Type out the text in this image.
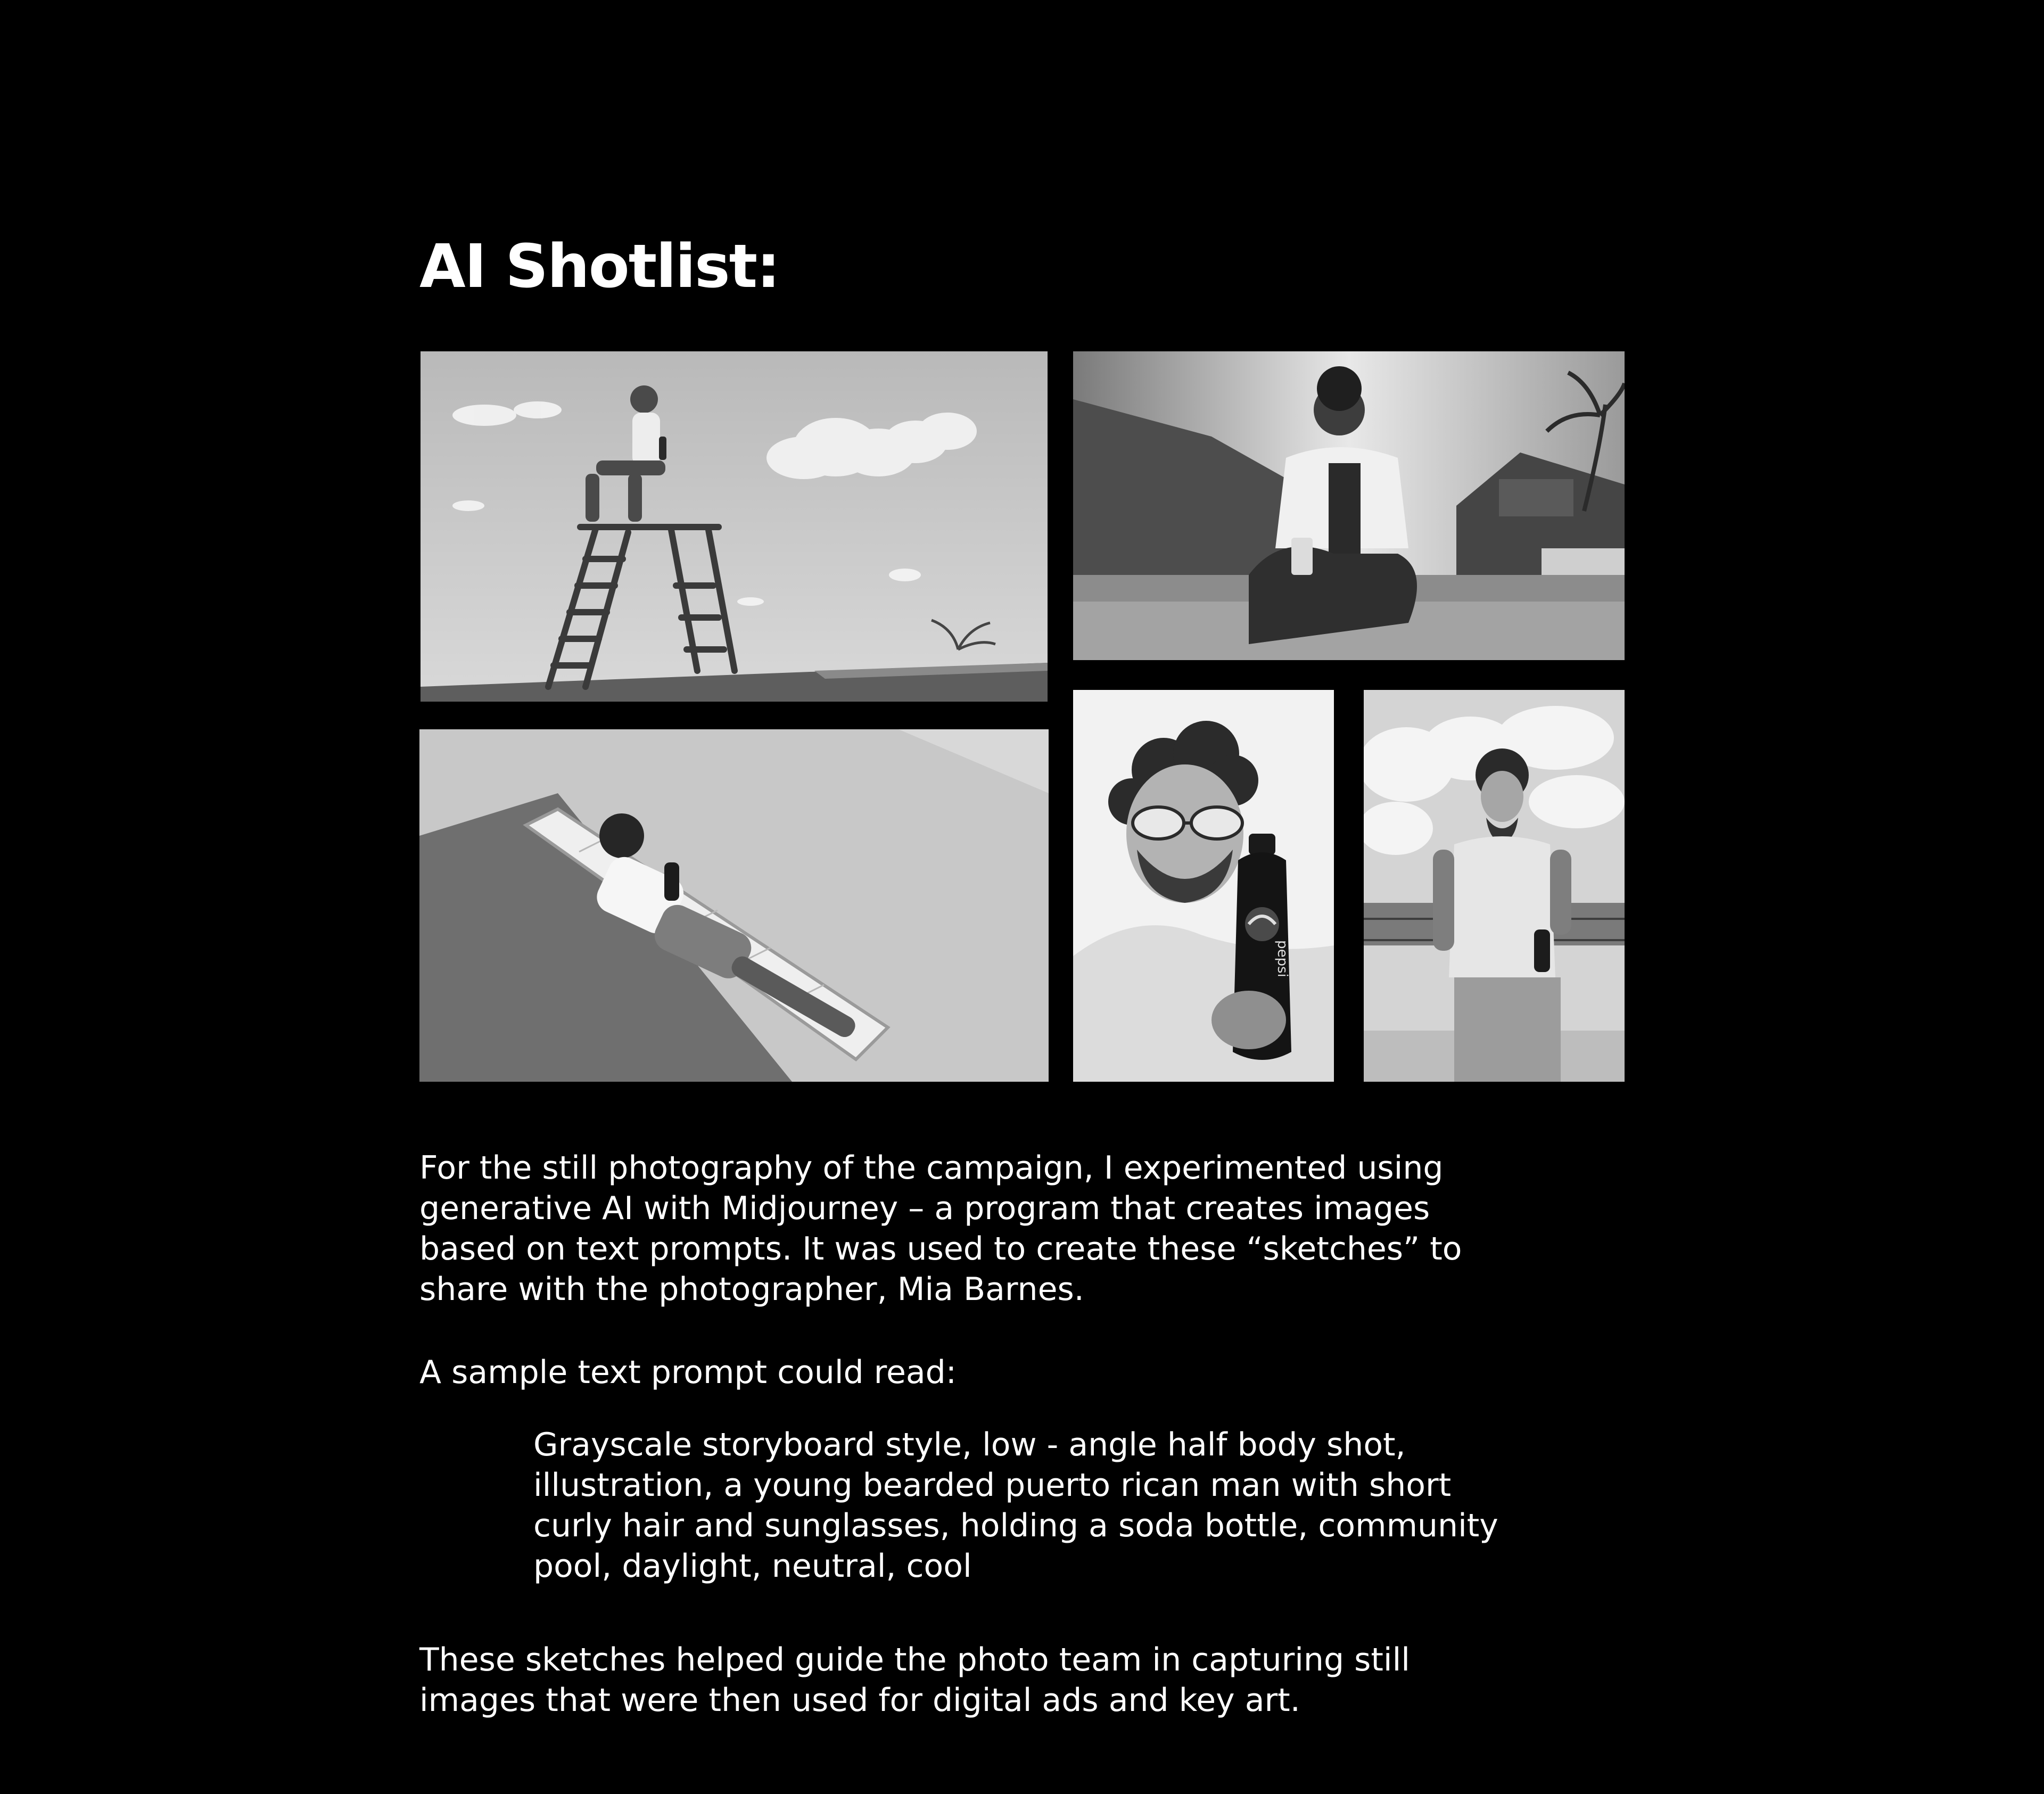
AI Shotlist:
pepsi

For the still photography of the campaign, I experimented using
generative AI with Midjourney – a program that creates images
based on text prompts. It was used to create these “sketches” to
share with the photographer, Mia Barnes.

A sample text prompt could read:

Grayscale storyboard style, low - angle half body shot,
illustration, a young bearded puerto rican man with short
curly hair and sunglasses, holding a soda bottle, community
pool, daylight, neutral, cool

These sketches helped guide the photo team in capturing still
images that were then used for digital ads and key art.
